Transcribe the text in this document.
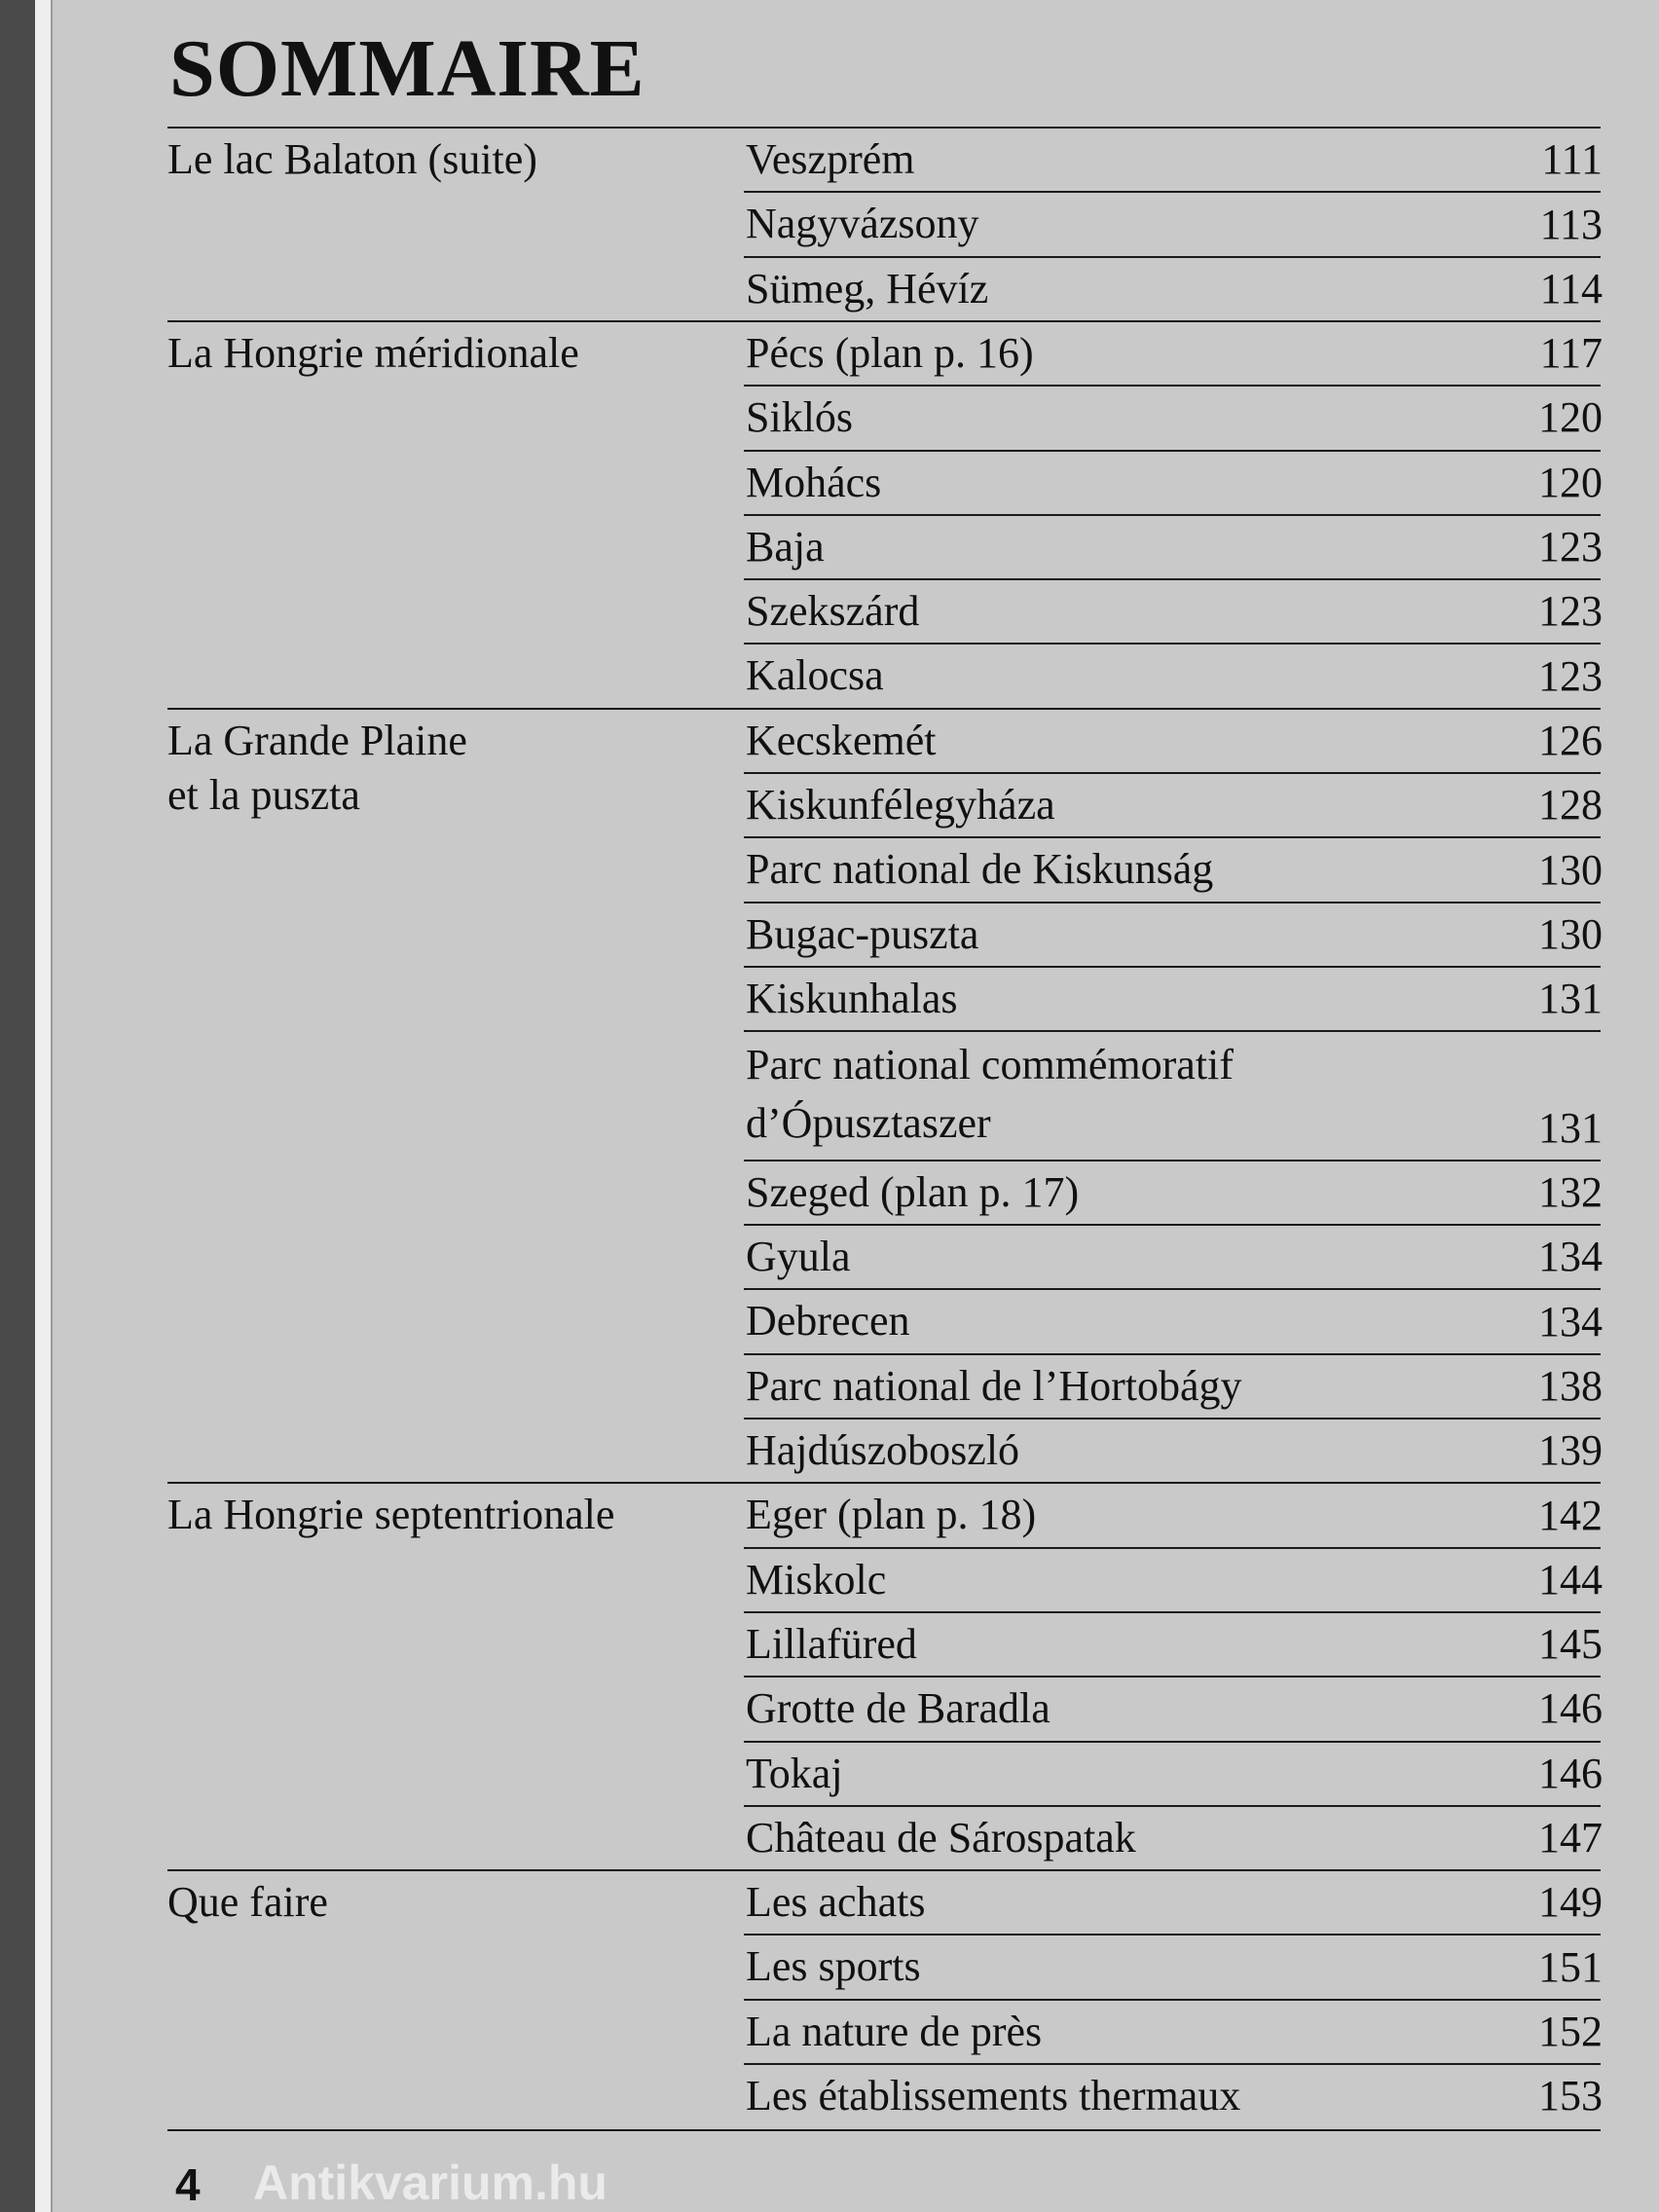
SOMMAIRE
Le lac Balaton (suite)	Veszprém	111
Nagyvázsony	113
Sümeg, Hévíz	114
La Hongrie méridionale	Pécs (plan p. 16)	117
Siklós	120
Mohács	120
Baja	123
Szekszárd	123
Kalocsa	123
La Grande Plaine
et la puszta
Kecskemét	126
Kiskunfélegyháza	128
Parc national de Kiskunság	130
Bugac-puszta	130
Kiskunhalas	131
Parc national commémoratif
d’Ópusztaszer	131
Szeged (plan p. 17)	132
Gyula	134
Debrecen	134
Parc national de l’Hortobágy	138
Hajdúszoboszló	139
La Hongrie septentrionale	Eger (plan p. 18)	142
Miskolc	144
Lillafüred	145
Grotte de Baradla	146
Tokaj	146
Château de Sárospatak	147
Que faire	Les achats	149
Les sports	151
La nature de près	152
Les établissements thermaux	153
4 Antikvarium.hu
